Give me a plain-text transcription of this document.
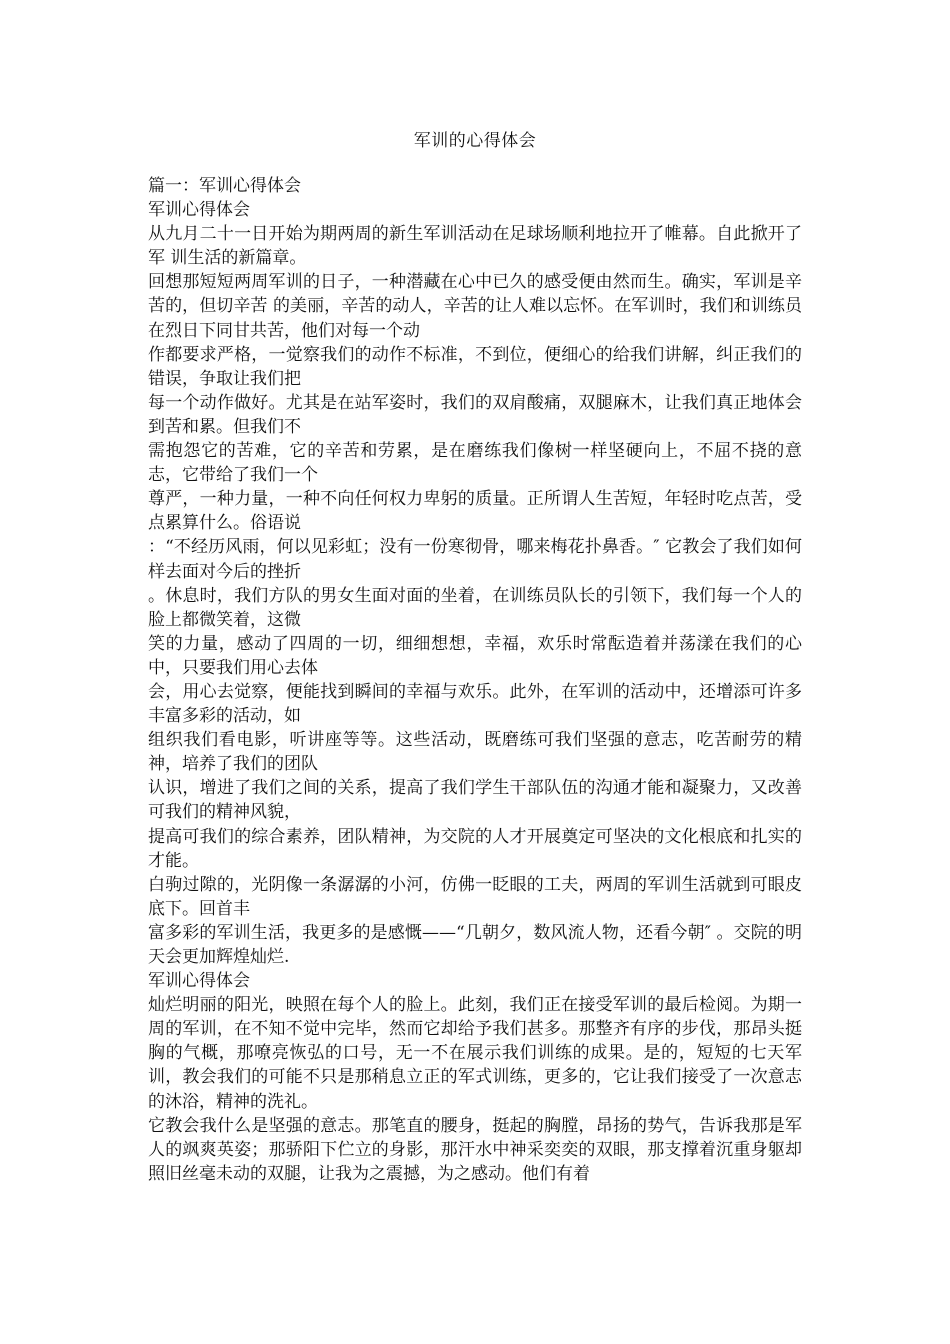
军训的心得体会

篇一：军训心得体会

军训心得体会

从九月二十一日开始为期两周的新生军训活动在足球场顺利地拉开了帷幕。自此掀开了军 训生活的新篇章。

回想那短短两周军训的日子，一种潜藏在心中已久的感受便由然而生。确实，军训是辛苦的，但切辛苦 的美丽，辛苦的动人，辛苦的让人难以忘怀。在军训时，我们和训练员在烈日下同甘共苦，他们对每一个动

作都要求严格，一觉察我们的动作不标准，不到位，便细心的给我们讲解，纠正我们的错误，争取让我们把

每一个动作做好。尤其是在站军姿时，我们的双肩酸痛，双腿麻木，让我们真正地体会到苦和累。但我们不

需抱怨它的苦难，它的辛苦和劳累，是在磨练我们像树一样坚硬向上，不屈不挠的意志，它带给了我们一个

尊严，一种力量，一种不向任何权力卑躬的质量。正所谓人生苦短，年轻时吃点苦，受点累算什么。俗语说

：“不经历风雨，何以见彩虹；没有一份寒彻骨，哪来梅花扑鼻香。″ 它教会了我们如何样去面对今后的挫折

。休息时，我们方队的男女生面对面的坐着，在训练员队长的引领下，我们每一个人的脸上都微笑着，这微

笑的力量，感动了四周的一切，细细想想，幸福，欢乐时常酝造着并荡漾在我们的心中，只要我们用心去体

会，用心去觉察，便能找到瞬间的幸福与欢乐。此外，在军训的活动中，还增添可许多丰富多彩的活动，如

组织我们看电影，听讲座等等。这些活动，既磨练可我们坚强的意志，吃苦耐劳的精神，培养了我们的团队

认识，增进了我们之间的关系，提高了我们学生干部队伍的沟通才能和凝聚力，又改善可我们的精神风貌，

提高可我们的综合素养，团队精神，为交院的人才开展奠定可坚决的文化根底和扎实的才能。

白驹过隙的，光阴像一条潺潺的小河，仿佛一眨眼的工夫，两周的军训生活就到可眼皮底下。回首丰

富多彩的军训生活，我更多的是感慨——“几朝夕，数风流人物，还看今朝″ 。交院的明天会更加辉煌灿烂.

军训心得体会

灿烂明丽的阳光，映照在每个人的脸上。此刻，我们正在接受军训的最后检阅。为期一周的军训，在不知不觉中完毕，然而它却给予我们甚多。那整齐有序的步伐，那昂头挺胸的气概，那嘹亮恢弘的口号，无一不在展示我们训练的成果。是的，短短的七天军训，教会我们的可能不只是那稍息立正的军式训练，更多的，它让我们接受了一次意志的沐浴，精神的洗礼。

它教会我什么是坚强的意志。那笔直的腰身，挺起的胸膛，昂扬的势气，告诉我那是军人的飒爽英姿；那骄阳下伫立的身影，那汗水中神采奕奕的双眼，那支撑着沉重身躯却照旧丝毫未动的双腿，让我为之震撼，为之感动。他们有着
